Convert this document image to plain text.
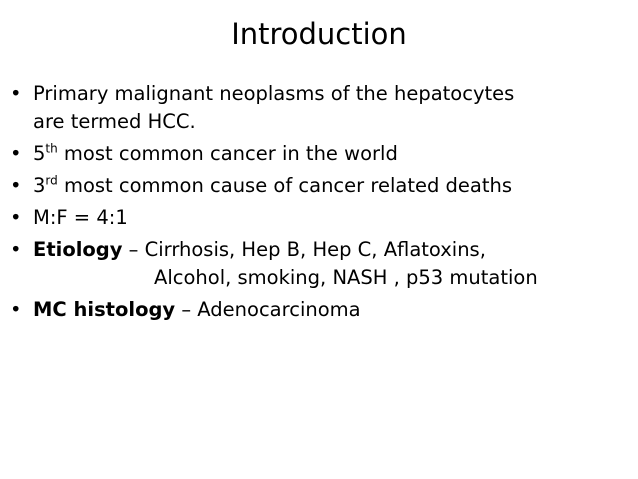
Introduction
• Primary malignant neoplasms of the hepatocytes
are termed HCC.
• 5th most common cancer in the world
• 3rd most common cause of cancer related deaths
• M:F = 4:1
• Etiology – Cirrhosis, Hep B, Hep C, Aflatoxins,
Alcohol, smoking, NASH , p53 mutation
• MC histology – Adenocarcinoma
